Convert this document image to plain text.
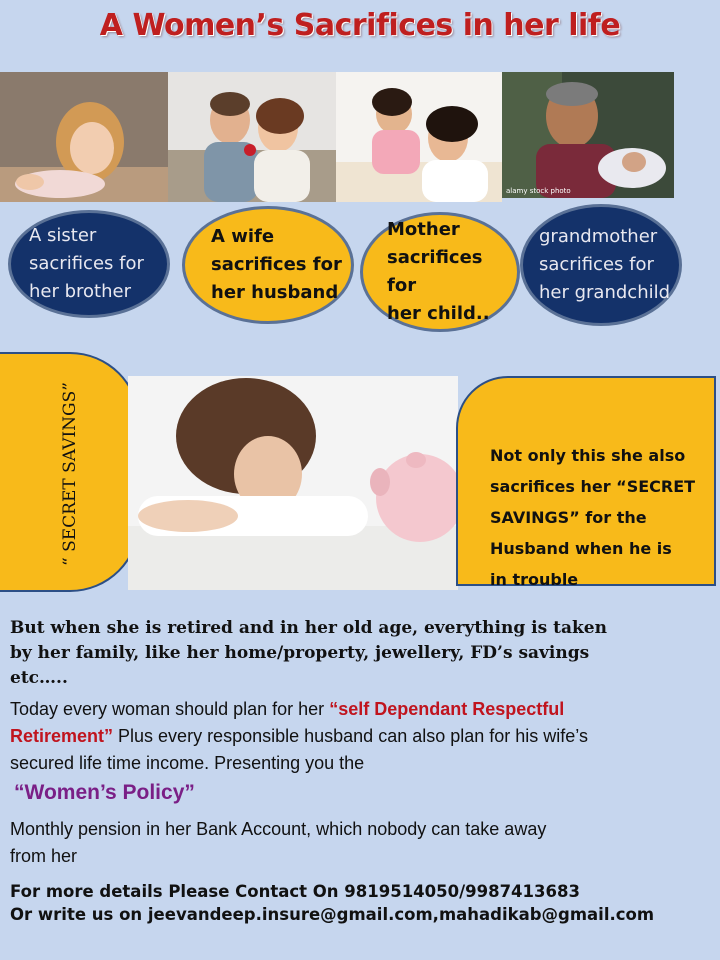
A Women’s Sacrifices in her life
alamy stock photo
A sister
sacrifices for
her brother
A wife
sacrifices for
her husband
Mother
sacrifices for
her child..
grandmother
sacrifices for
her grandchild
“ SECRET SAVINGS”	Not only this she also
sacrifices her “SECRET
SAVINGS” for the
Husband when he is
in trouble
But when she is retired and in her old age, everything is taken
by her family, like her home/property, jewellery, FD’s savings
etc…..
Today every woman should plan for her “self Dependant Respectful
Retirement” Plus every responsible husband can also plan for his wife’s
secured life time income. Presenting you the
“Women’s Policy”
Monthly pension in her Bank Account, which nobody can take away
from her
For more details Please Contact On 9819514050/9987413683
Or write us on jeevandeep.insure@gmail.com,mahadikab@gmail.com
